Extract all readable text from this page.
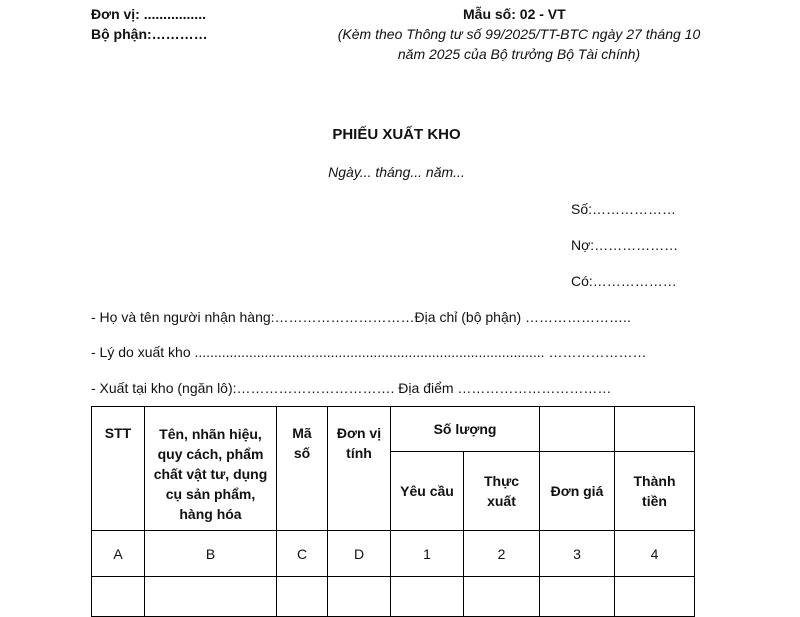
Đơn vị: ................
Bộ phận:…………
Mẫu số: 02 - VT
(Kèm theo Thông tư số 99/2025/TT-BTC ngày 27 tháng 10
năm 2025 của Bộ trưởng Bộ Tài chính)
PHIẾU XUẤT KHO
Ngày... tháng... năm...
Số:………………
Nợ:………………
Có:………………
- Họ và tên người nhận hàng:…………………………Địa chỉ (bộ phận) …………………..
- Lý do xuất kho .......................................................................................... …………………
- Xuất tại kho (ngăn lô):……………………………. Địa điểm ……………………………
STT	Tên, nhãn hiệu, quy cách, phẩm chất vật tư, dụng cụ sản phẩm, hàng hóa	Mã số	Đơn vị tính	Số lượng			
				Yêu cầu	Thực xuất	Đơn giá	Thành tiền
A	B	C	D	1	2	3	4
